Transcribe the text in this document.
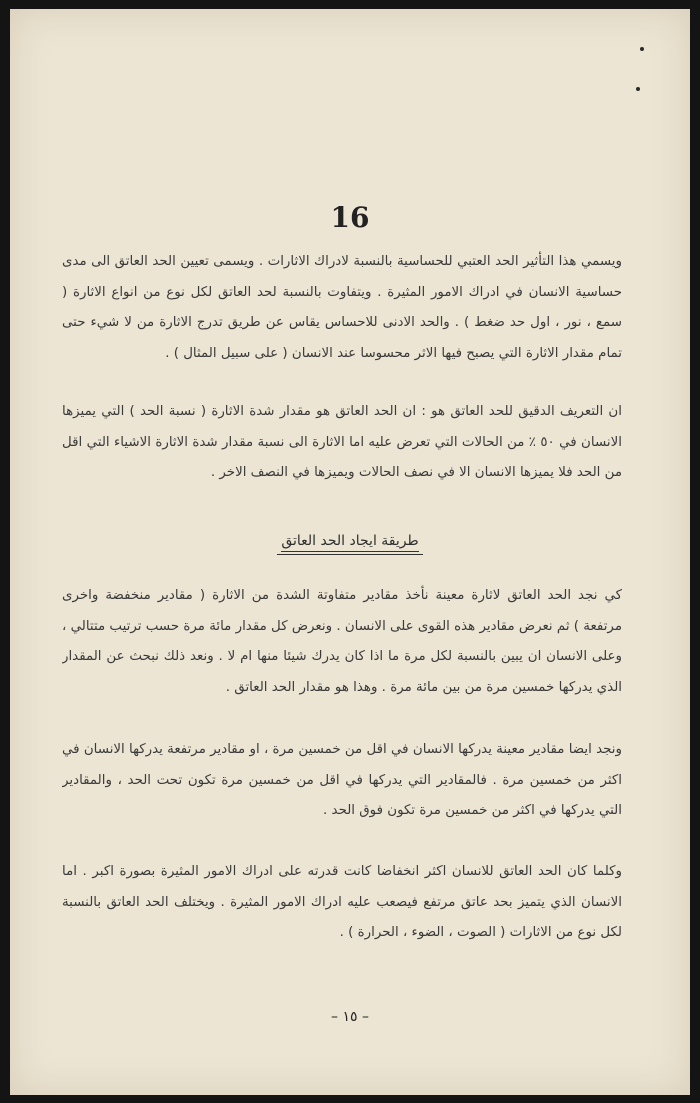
16

ويسمي هذا التأثير الحد العتبي للحساسية بالنسبة لادراك الاثارات . ويسمى تعيين الحد العاتق الى مدى حساسية الانسان في ادراك الامور المثيرة . ويتفاوت بالنسبة لحد العاتق لكل نوع من انواع الاثارة ( سمع ، نور ، اول حد ضغط ) . والحد الادنى للاحساس يقاس عن طريق تدرج الاثارة من لا شيء حتى تمام مقدار الاثارة التي يصبح فيها الاثر محسوسا عند الانسان ( على سبيل المثال ) .

ان التعريف الدقيق للحد العاتق هو : ان الحد العاتق هو مقدار شدة الاثارة ( نسبة الحد ) التي يميزها الانسان في ٥٠ ٪ من الحالات التي تعرض عليه اما الاثارة الى نسبة مقدار شدة الاثارة الاشياء التي اقل من الحد فلا يميزها الانسان الا في نصف الحالات ويميزها في النصف الاخر .

طريقة ايجاد الحد العاتق

كي نجد الحد العاتق لاثارة معينة نأخذ مقادير متفاوتة الشدة من الاثارة ( مقادير منخفضة واخرى مرتفعة ) ثم نعرض مقادير هذه القوى على الانسان . ونعرض كل مقدار مائة مرة حسب ترتيب متتالي ، وعلى الانسان ان يبين بالنسبة لكل مرة ما اذا كان يدرك شيئا منها ام لا . ونعد ذلك نبحث عن المقدار الذي يدركها خمسين مرة من بين مائة مرة . وهذا هو مقدار الحد العاتق .

ونجد ايضا مقادير معينة يدركها الانسان في اقل من خمسين مرة ، او مقادير مرتفعة يدركها الانسان في اكثر من خمسين مرة . فالمقادير التي يدركها في اقل من خمسين مرة تكون تحت الحد ، والمقادير التي يدركها في اكثر من خمسين مرة تكون فوق الحد .

وكلما كان الحد العاتق للانسان اكثر انخفاضا كانت قدرته على ادراك الامور المثيرة بصورة اكبر . اما الانسان الذي يتميز بحد عاتق مرتفع فيصعب عليه ادراك الامور المثيرة . ويختلف الحد العاتق بالنسبة لكل نوع من الاثارات ( الصوت ، الضوء ، الحرارة ) .

– ١٥ –
